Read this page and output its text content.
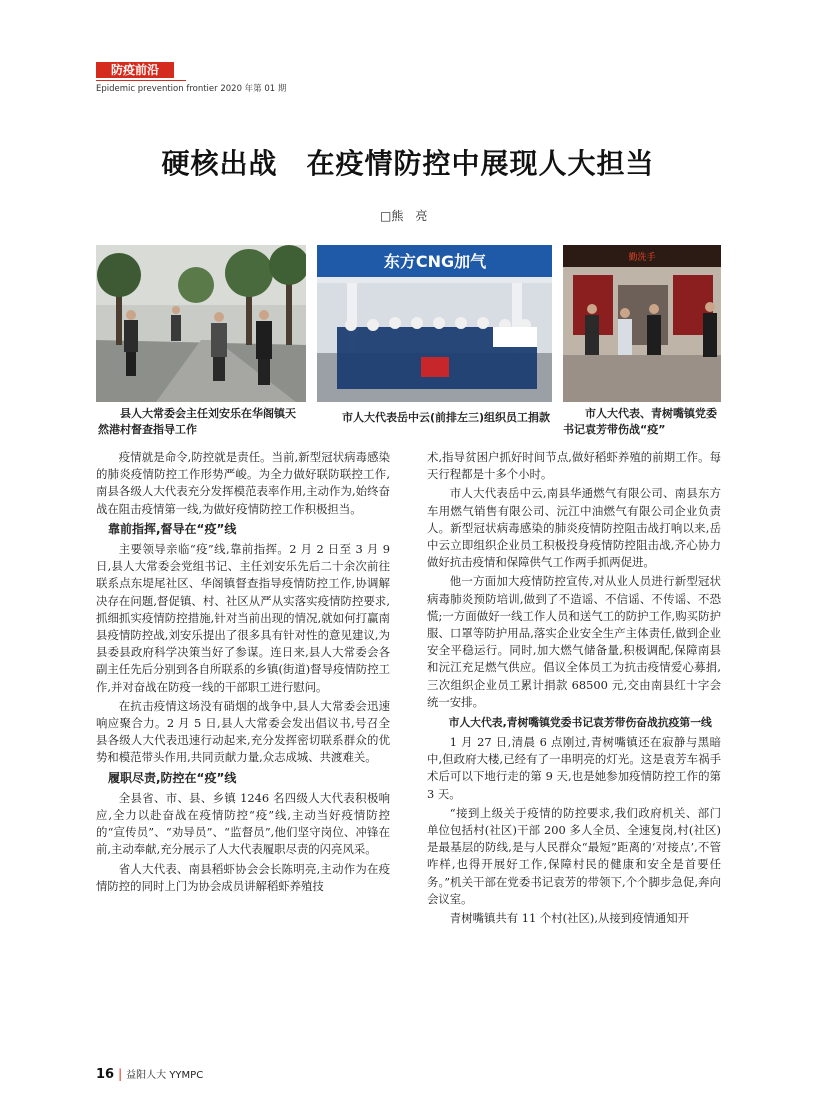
防疫前沿
Epidemic prevention frontier 2020 年第 01 期
硬核出战　在疫情防控中展现人大担当
□熊　亮
东方CNG加气	勤洗手
县人大常委会主任刘安乐在华阁镇天然港村督查指导工作
市人大代表岳中云(前排左三)组织员工捐款	市人大代表、青树嘴镇党委书记袁芳带伤战“疫”

疫情就是命令,防控就是责任。当前,新型冠状病毒感染的肺炎疫情防控工作形势严峻。为全力做好联防联控工作,南县各级人大代表充分发挥模范表率作用,主动作为,始终奋战在阻击疫情第一线,为做好疫情防控工作积极担当。

靠前指挥,督导在“疫”线

主要领导亲临“疫”线,靠前指挥。2 月 2 日至 3 月 9 日,县人大常委会党组书记、主任刘安乐先后二十余次前往联系点东堤尾社区、华阁镇督查指导疫情防控工作,协调解决存在问题,督促镇、村、社区从严从实落实疫情防控要求,抓细抓实疫情防控措施,针对当前出现的情况,就如何打赢南县疫情防控战,刘安乐提出了很多具有针对性的意见建议,为县委县政府科学决策当好了参谋。连日来,县人大常委会各副主任先后分别到各自所联系的乡镇(街道)督导疫情防控工作,并对奋战在防疫一线的干部职工进行慰问。

在抗击疫情这场没有硝烟的战争中,县人大常委会迅速响应聚合力。2 月 5 日,县人大常委会发出倡议书,号召全县各级人大代表迅速行动起来,充分发挥密切联系群众的优势和模范带头作用,共同贡献力量,众志成城、共渡难关。

履职尽责,防控在“疫”线

全县省、市、县、乡镇 1246 名四级人大代表积极响应,全力以赴奋战在疫情防控“疫”线,主动当好疫情防控的“宣传员”、“劝导员”、“监督员”,他们坚守岗位、冲锋在前,主动奉献,充分展示了人大代表履职尽责的闪亮风采。

省人大代表、南县稻虾协会会长陈明亮,主动作为在疫情防控的同时上门为协会成员讲解稻虾养殖技

术,指导贫困户抓好时间节点,做好稻虾养殖的前期工作。每天行程都是十多个小时。

市人大代表岳中云,南县华通燃气有限公司、南县东方车用燃气销售有限公司、沅江中油燃气有限公司企业负责人。新型冠状病毒感染的肺炎疫情防控阻击战打响以来,岳中云立即组织企业员工积极投身疫情防控阻击战,齐心协力做好抗击疫情和保障供气工作两手抓两促进。

他一方面加大疫情防控宣传,对从业人员进行新型冠状病毒肺炎预防培训,做到了不造谣、不信谣、不传谣、不恐慌;一方面做好一线工作人员和送气工的防护工作,购买防护服、口罩等防护用品,落实企业安全生产主体责任,做到企业安全平稳运行。同时,加大燃气储备量,积极调配,保障南县和沅江充足燃气供应。倡议全体员工为抗击疫情爱心募捐,三次组织企业员工累计捐款 68500 元,交由南县红十字会统一安排。

市人大代表,青树嘴镇党委书记袁芳带伤奋战抗疫第一线

1 月 27 日,清晨 6 点刚过,青树嘴镇还在寂静与黑暗中,但政府大楼,已经有了一串明亮的灯光。这是袁芳车祸手术后可以下地行走的第 9 天,也是她参加疫情防控工作的第 3 天。

“接到上级关于疫情的防控要求,我们政府机关、部门单位包括村(社区)干部 200 多人全员、全速复岗,村(社区)是最基层的防线,是与人民群众“最短”距离的‘对接点’,不管咋样,也得开展好工作,保障村民的健康和安全是首要任务。”机关干部在党委书记袁芳的带领下,个个脚步急促,奔向会议室。

青树嘴镇共有 11 个村(社区),从接到疫情通知开

16 | 益阳人大 YYMPC
